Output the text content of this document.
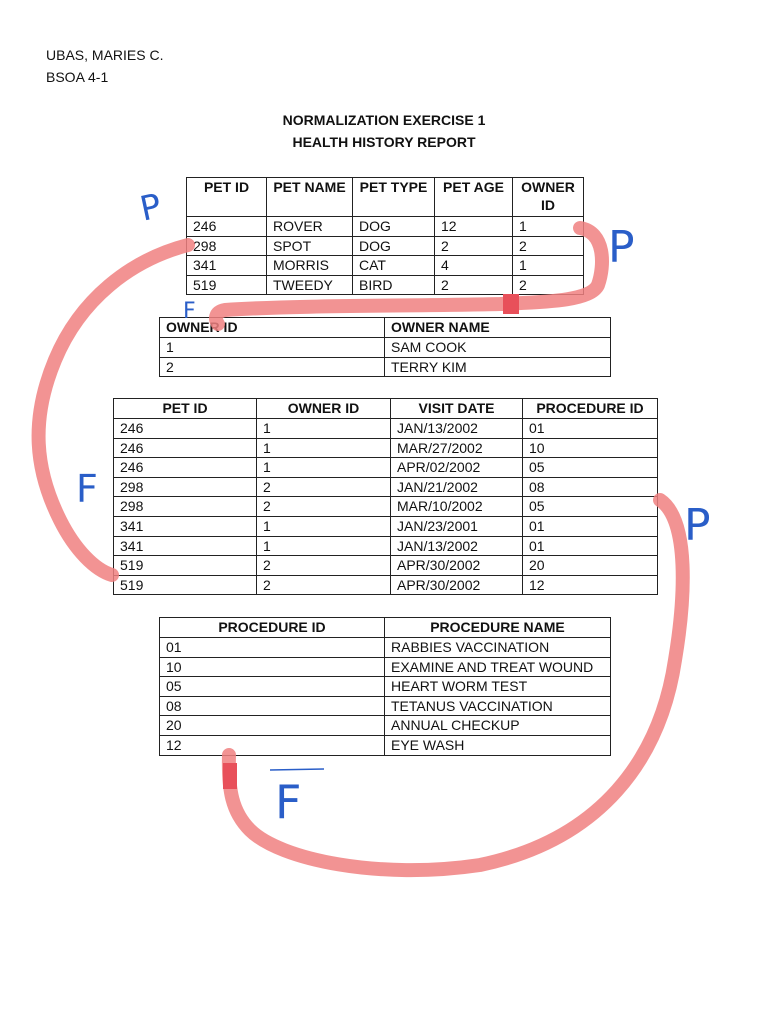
UBAS, MARIES C.
BSOA 4-1
NORMALIZATION EXERCISE 1
HEALTH HISTORY REPORT
PET ID	PET NAME	PET TYPE	PET AGE	OWNER ID
246	ROVER	DOG	12	1
298	SPOT	DOG	2	2
341	MORRIS	CAT	4	1
519	TWEEDY	BIRD	2	2
OWNER ID	OWNER NAME
1	SAM COOK
2	TERRY KIM
PET ID	OWNER ID	VISIT DATE	PROCEDURE ID
246	1	JAN/13/2002	01
246	1	MAR/27/2002	10
246	1	APR/02/2002	05
298	2	JAN/21/2002	08
298	2	MAR/10/2002	05
341	1	JAN/23/2001	01
341	1	JAN/13/2002	01
519	2	APR/30/2002	20
519	2	APR/30/2002	12
PROCEDURE ID	PROCEDURE NAME
01	RABBIES VACCINATION
10	EXAMINE AND TREAT WOUND
05	HEART WORM TEST
08	TETANUS VACCINATION
20	ANNUAL CHECKUP
12	EYE WASH
P
P
P
F
F
F
